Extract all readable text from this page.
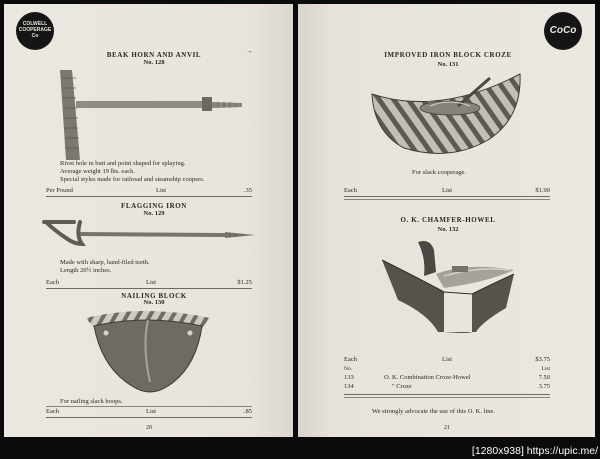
COLWELL
COOPERAGE
Co
→
BEAK HORN AND ANVIL
No. 128
Rivet hole in butt and point shaped for splaying.
Average weight 19 lbs. each.
Special styles made for railroad and steamship coopers.
Per Pound	List	.35
FLAGGING IRON
No. 129
Made with sharp, hand-filed teeth.
Length 20½ inches.
Each	List	$1.25
NAILING BLOCK
No. 130
For nailing slack hoops.
Each	List	.85
20
CoCo
IMPROVED IRON BLOCK CROZE
No. 131
For slack cooperage.
Each	List	$1.90
O. K. CHAMFER-HOWEL
No. 132
Each	List	$3.75
No.	List
133	O. K. Combination Croze-Howel	7.50
134	" Croze	3.75
We strongly advocate the use of this O. K. line.
21
[1280x938] https://upic.me/
